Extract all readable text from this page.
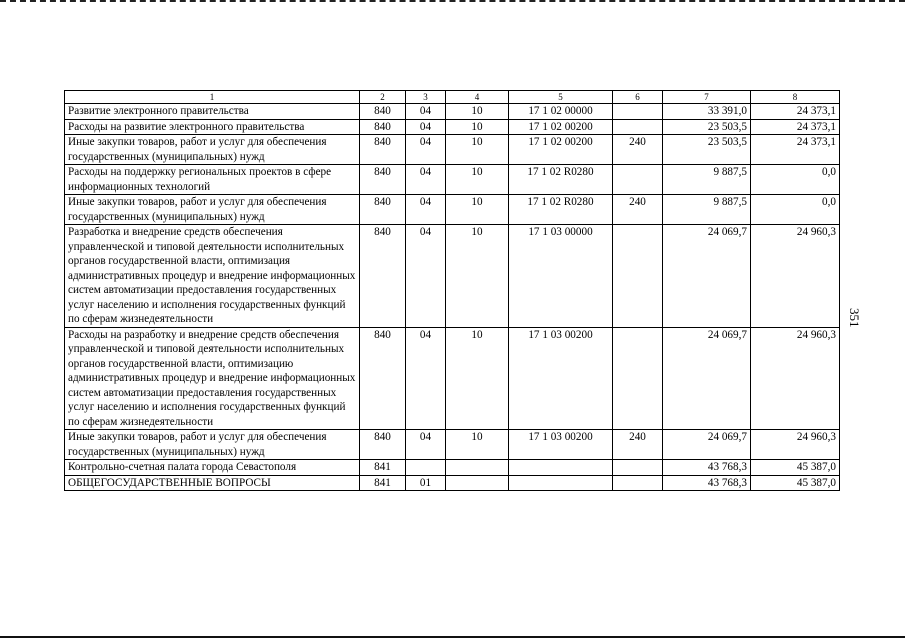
351
1	2	3	4	5	6	7	8
Развитие электронного правительства	840	04	10	17 1 02 00000		33 391,0	24 373,1
Расходы на развитие электронного правительства	840	04	10	17 1 02 00200		23 503,5	24 373,1
Иные закупки товаров, работ и услуг для обеспечения государственных (муниципальных) нужд	840	04	10	17 1 02 00200	240	23 503,5	24 373,1
Расходы на поддержку региональных проектов в сфере информационных технологий	840	04	10	17 1 02 R0280		9 887,5	0,0
Иные закупки товаров, работ и услуг для обеспечения государственных (муниципальных) нужд	840	04	10	17 1 02 R0280	240	9 887,5	0,0
Разработка и внедрение средств обеспечения управленческой и типовой деятельности исполнительных органов государственной власти, оптимизация административных процедур и внедрение информационных систем автоматизации предоставления государственных услуг населению и исполнения государственных функций по сферам жизнедеятельности	840	04	10	17 1 03 00000		24 069,7	24 960,3
Расходы на разработку и внедрение средств обеспечения управленческой и типовой деятельности исполнительных органов государственной власти, оптимизацию административных процедур и внедрение информационных систем автоматизации предоставления государственных услуг населению и исполнения государственных функций по сферам жизнедеятельности	840	04	10	17 1 03 00200		24 069,7	24 960,3
Иные закупки товаров, работ и услуг для обеспечения государственных (муниципальных) нужд	840	04	10	17 1 03 00200	240	24 069,7	24 960,3
Контрольно-счетная палата города Севастополя	841					43 768,3	45 387,0
ОБЩЕГОСУДАРСТВЕННЫЕ ВОПРОСЫ	841	01				43 768,3	45 387,0
